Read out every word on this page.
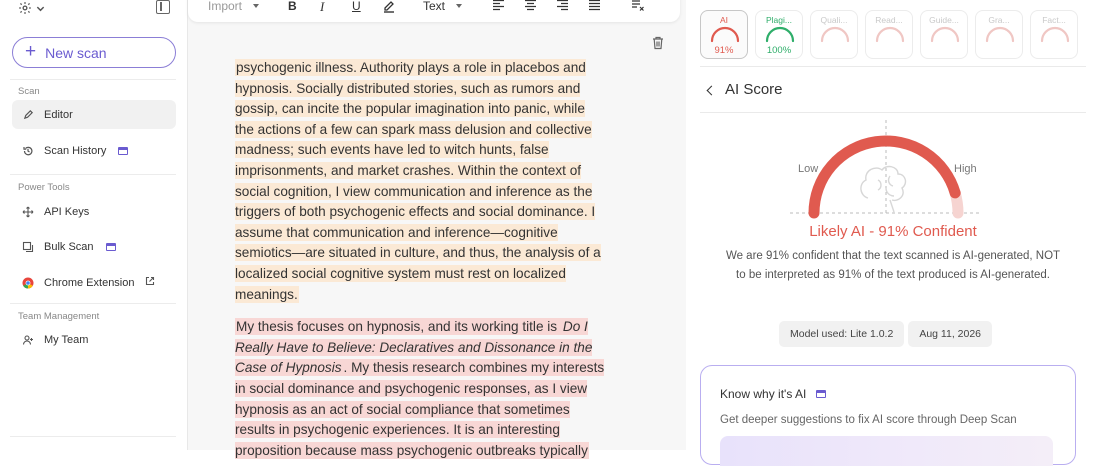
+ New scan
Scan
Editor
Scan History
Power Tools
API Keys
Bulk Scan
Chrome Extension
Team Management
My Team
Import	B I U	Text

psychogenic illness. Authority plays a role in placebos and hypnosis. Socially distributed stories, such as rumors and gossip, can incite the popular imagination into panic, while the actions of a few can spark mass delusion and collective madness; such events have led to witch hunts, false imprisonments, and market crashes. Within the context of social cognition, I view communication and inference as the triggers of both psychogenic effects and social dominance. I assume that communication and inference—cognitive semiotics—are situated in culture, and thus, the analysis of a localized social cognitive system must rest on localized meanings.

My thesis focuses on hypnosis, and its working title is Do I Really Have to Believe: Declaratives and Dissonance in the Case of Hypnosis . My thesis research combines my interests in social dominance and psychogenic responses, as I view hypnosis as an act of social compliance that sometimes results in psychogenic experiences. It is an interesting proposition because mass psychogenic outbreaks typically

AI
91%
Plagi...
100%
Quali...	Read...	Guide...	Gra...	Fact...
AI Score
Low	High
Likely AI - 91% Confident
We are 91% confident that the text scanned is AI-generated, NOT to be interpreted as 91% of the text produced is AI-generated.
Model used: Lite 1.0.2	Aug 11, 2026
Know why it's AI
Get deeper suggestions to fix AI score through Deep Scan
